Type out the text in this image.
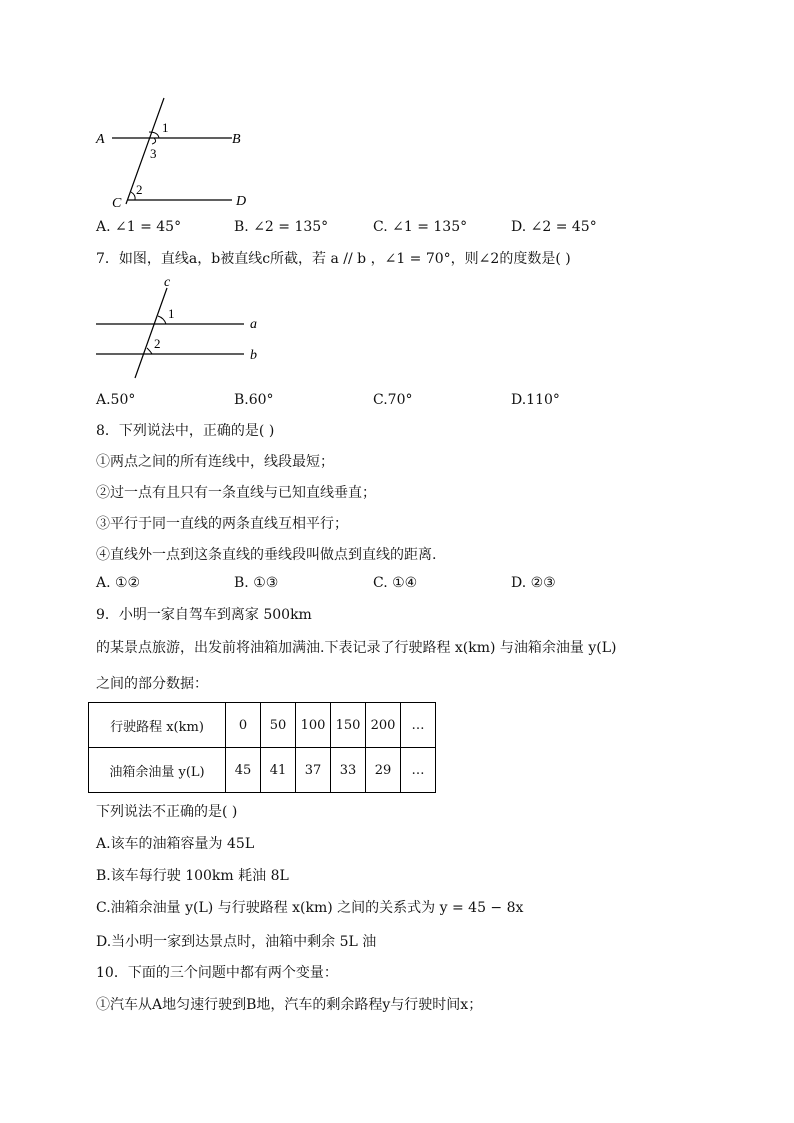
A	B
C	D
1
3
2
A. ∠1 = 45°	B. ∠2 = 135°	C. ∠1 = 135°	D. ∠2 = 45°
7．如图，直线a，b被直线c所截，若 a // b ，∠1 = 70°，则∠2的度数是( )
c
a
b
1
2
A.50°	B.60°	C.70°	D.110°
8．下列说法中，正确的是( )
①两点之间的所有连线中，线段最短；
②过一点有且只有一条直线与已知直线垂直；
③平行于同一直线的两条直线互相平行；
④直线外一点到这条直线的垂线段叫做点到直线的距离.
A. ①②	B. ①③	C. ①④	D. ②③
9．小明一家自驾车到离家 500km
的某景点旅游，出发前将油箱加满油.下表记录了行驶路程 x(km) 与油箱余油量 y(L)
之间的部分数据：
行驶路程 x(km)	0	50	100	150	200	…
油箱余油量 y(L)	45	41	37	33	29	…
下列说法不正确的是( )
A.该车的油箱容量为 45L
B.该车每行驶 100km 耗油 8L
C.油箱余油量 y(L) 与行驶路程 x(km) 之间的关系式为 y = 45 − 8x
D.当小明一家到达景点时，油箱中剩余 5L 油
10．下面的三个问题中都有两个变量：
①汽车从A地匀速行驶到B地，汽车的剩余路程y与行驶时间x；
